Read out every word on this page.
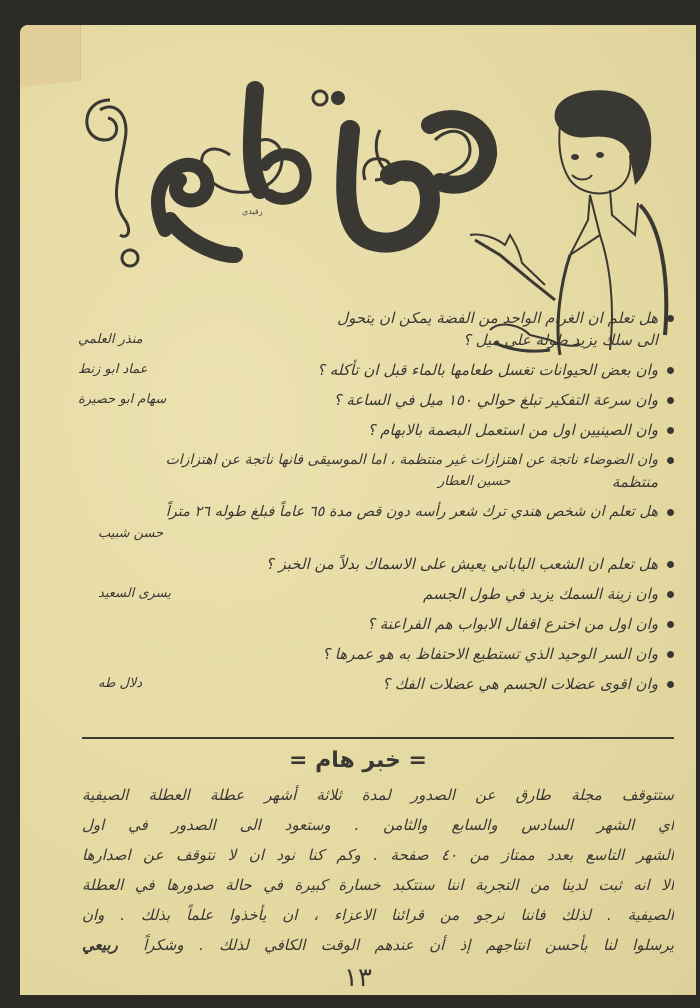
رفيدي
هل تعلم ان الغرام الواحد من الفضة يمكن ان يتحول
الى سلك يزيد طوله على ميل ؟
منذر العلمي
وان بعض الحيوانات تغسل طعامها بالماء قبل ان تأكله ؟
عماد ابو زنط
وان سرعة التفكير تبلغ حوالي ١٥٠ ميل في الساعة ؟
سهام ابو حصيرة
وان الصينيين اول من استعمل البصمة بالابهام ؟
وان الضوضاء ناتجة عن اهتزازات غير منتظمة ، اما الموسيقى فانها ناتجة عن اهتزازات
منتظمة
حسين العطار
هل تعلم ان شخص هندي ترك شعر رأسه دون قص مدة ٦٥ عاماً فبلغ طوله ٢٦ متراً
حسن شبيب
هل تعلم ان الشعب الياباني يعيش على الاسماك بدلاً من الخبز ؟
وان زينة السمك يزيد في طول الجسم
يسرى السعيد
وان اول من اخترع اقفال الابواب هم الفراعنة ؟
وان السر الوحيد الذي تستطيع الاحتفاظ به هو عمرها ؟
وان اقوى عضلات الجسم هي عضلات الفك ؟
دلال طه
= خبر هام =
ستتوقف مجلة طارق عن الصدور لمدة ثلاثة أشهر عطلة العطلة الصيفية
اي الشهر السادس والسابع والثامن . وستعود الى الصدور في اول
الشهر التاسع بعدد ممتاز من ٤٠ صفحة . وكم كنا نود ان لا نتوقف عن اصدارها
الا انه ثبت لدينا من التجربة اننا سنتكبد خسارة كبيرة في حالة صدورها في العطلة
الصيفية . لذلك فاننا نرجو من قرائنا الاعزاء ، ان يأخذوا علماً بذلك . وان
يرسلوا لنا بأحسن انتاجهم إذ أن عندهم الوقت الكافي لذلك . وشكراً ربيعي
١٣
